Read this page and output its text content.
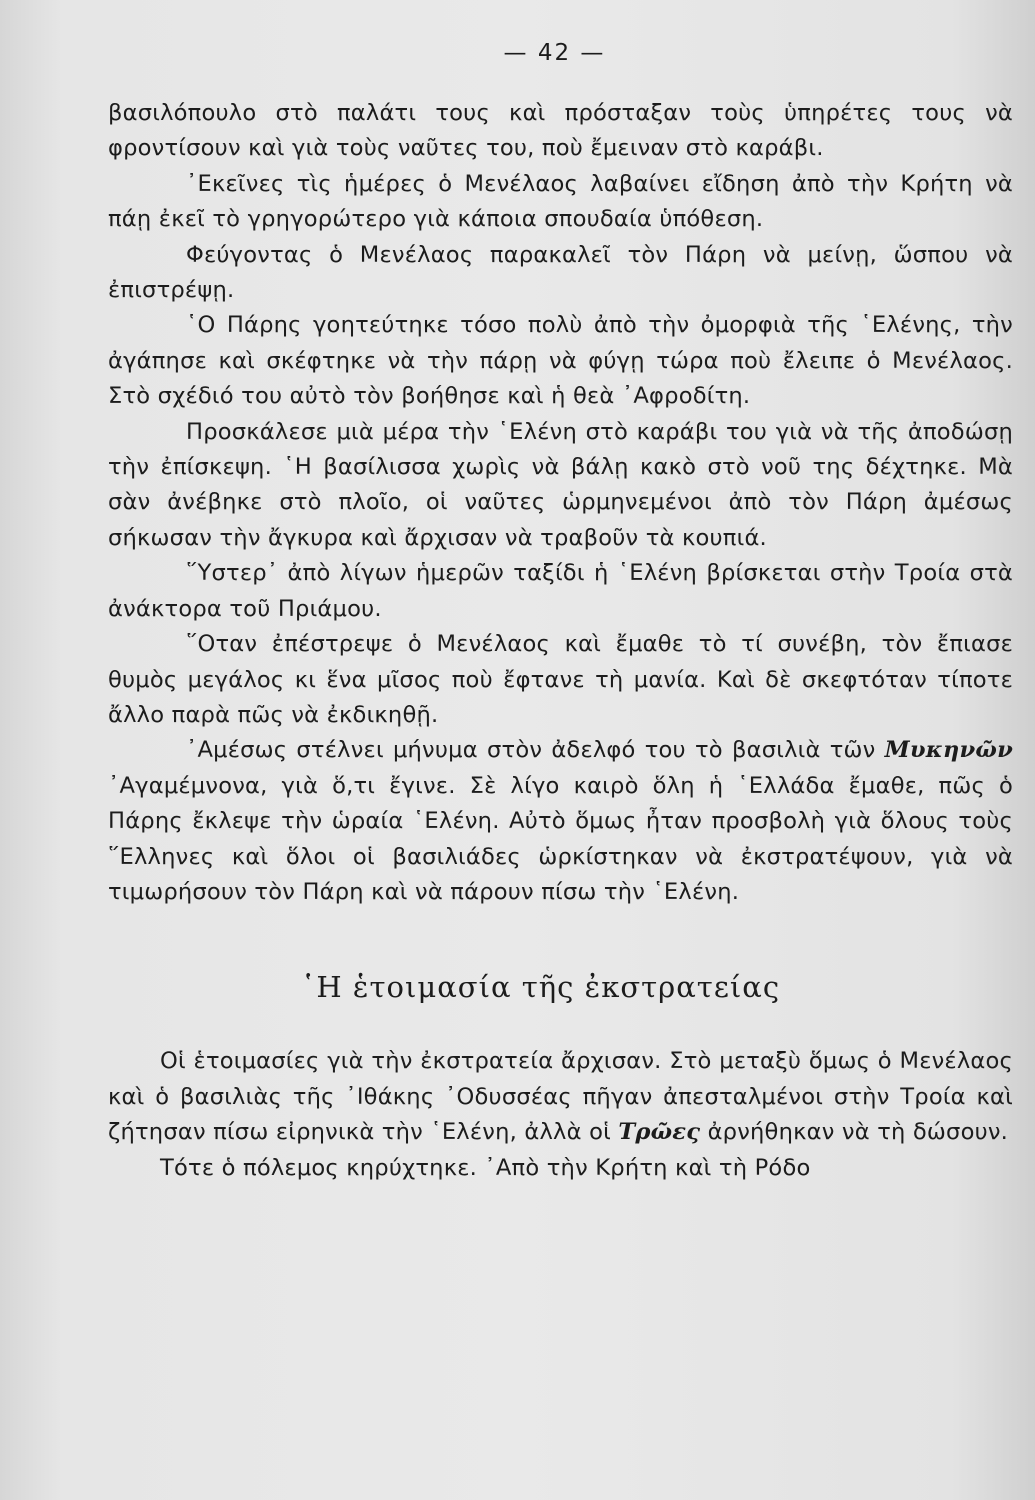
— 42 —

βασιλόπουλο στὸ παλάτι τους καὶ πρόσταξαν τοὺς ὑπηρέτες τους νὰ φροντίσουν καὶ γιὰ τοὺς ναῦτες του, ποὺ ἔμειναν στὸ καράβι.

᾿Εκεῖνες τὶς ἡμέρες ὁ Μενέλαος λαβαίνει εἴδηση ἀπὸ τὴν Κρήτη νὰ πάῃ ἐκεῖ τὸ γρηγορώτερο γιὰ κάποια σπουδαία ὑπόθεση.

Φεύγοντας ὁ Μενέλαος παρακαλεῖ τὸν Πάρη νὰ μείνῃ, ὥσπου νὰ ἐπιστρέψῃ.

῾Ο Πάρης γοητεύτηκε τόσο πολὺ ἀπὸ τὴν ὀμορφιὰ τῆς ῾Ελένης, τὴν ἀγάπησε καὶ σκέφτηκε νὰ τὴν πάρῃ νὰ φύγῃ τώρα ποὺ ἔλειπε ὁ Μενέλαος. Στὸ σχέδιό του αὐτὸ τὸν βοήθησε καὶ ἡ θεὰ ᾿Αφροδίτη.

Προσκάλεσε μιὰ μέρα τὴν ῾Ελένη στὸ καράβι του γιὰ νὰ τῆς ἀποδώσῃ τὴν ἐπίσκεψη. ῾Η βασίλισσα χωρὶς νὰ βάλῃ κακὸ στὸ νοῦ της δέχτηκε. Μὰ σὰν ἀνέβηκε στὸ πλοῖο, οἱ ναῦτες ὡρμηνεμένοι ἀπὸ τὸν Πάρη ἀμέσως σήκωσαν τὴν ἄγκυρα καὶ ἄρχισαν νὰ τραβοῦν τὰ κουπιά.

῞Υστερ᾿ ἀπὸ λίγων ἡμερῶν ταξίδι ἡ ῾Ελένη βρίσκεται στὴν Τροία στὰ ἀνάκτορα τοῦ Πριάμου.

῞Οταν ἐπέστρεψε ὁ Μενέλαος καὶ ἔμαθε τὸ τί συνέβη, τὸν ἔπιασε θυμὸς μεγάλος κι ἕνα μῖσος ποὺ ἔφτανε τὴ μανία. Καὶ δὲ σκεφτόταν τίποτε ἄλλο παρὰ πῶς νὰ ἐκδικηθῇ.

᾿Αμέσως στέλνει μήνυμα στὸν ἀδελφό του τὸ βασιλιὰ τῶν Μυκηνῶν ᾿Αγαμέμνονα, γιὰ ὅ,τι ἔγινε. Σὲ λίγο καιρὸ ὅλη ἡ ῾Ελλάδα ἔμαθε, πῶς ὁ Πάρης ἔκλεψε τὴν ὡραία ῾Ελένη. Αὐτὸ ὅμως ἦταν προσβολὴ γιὰ ὅλους τοὺς ῞Ελληνες καὶ ὅλοι οἱ βασιλιάδες ὡρκίστηκαν νὰ ἐκστρατέψουν, γιὰ νὰ τιμωρήσουν τὸν Πάρη καὶ νὰ πάρουν πίσω τὴν ῾Ελένη.

῾Η ἑτοιμασία τῆς ἐκστρατείας

Οἱ ἑτοιμασίες γιὰ τὴν ἐκστρατεία ἄρχισαν. Στὸ μεταξὺ ὅμως ὁ Μενέλαος καὶ ὁ βασιλιὰς τῆς ᾿Ιθάκης ᾿Οδυσσέας πῆγαν ἀπεσταλμένοι στὴν Τροία καὶ ζήτησαν πίσω εἰρηνικὰ τὴν ῾Ελένη, ἀλλὰ οἱ Τρῶες ἀρνήθηκαν νὰ τὴ δώσουν.

Τότε ὁ πόλεμος κηρύχτηκε. ᾿Απὸ τὴν Κρήτη καὶ τὴ Ρόδο
